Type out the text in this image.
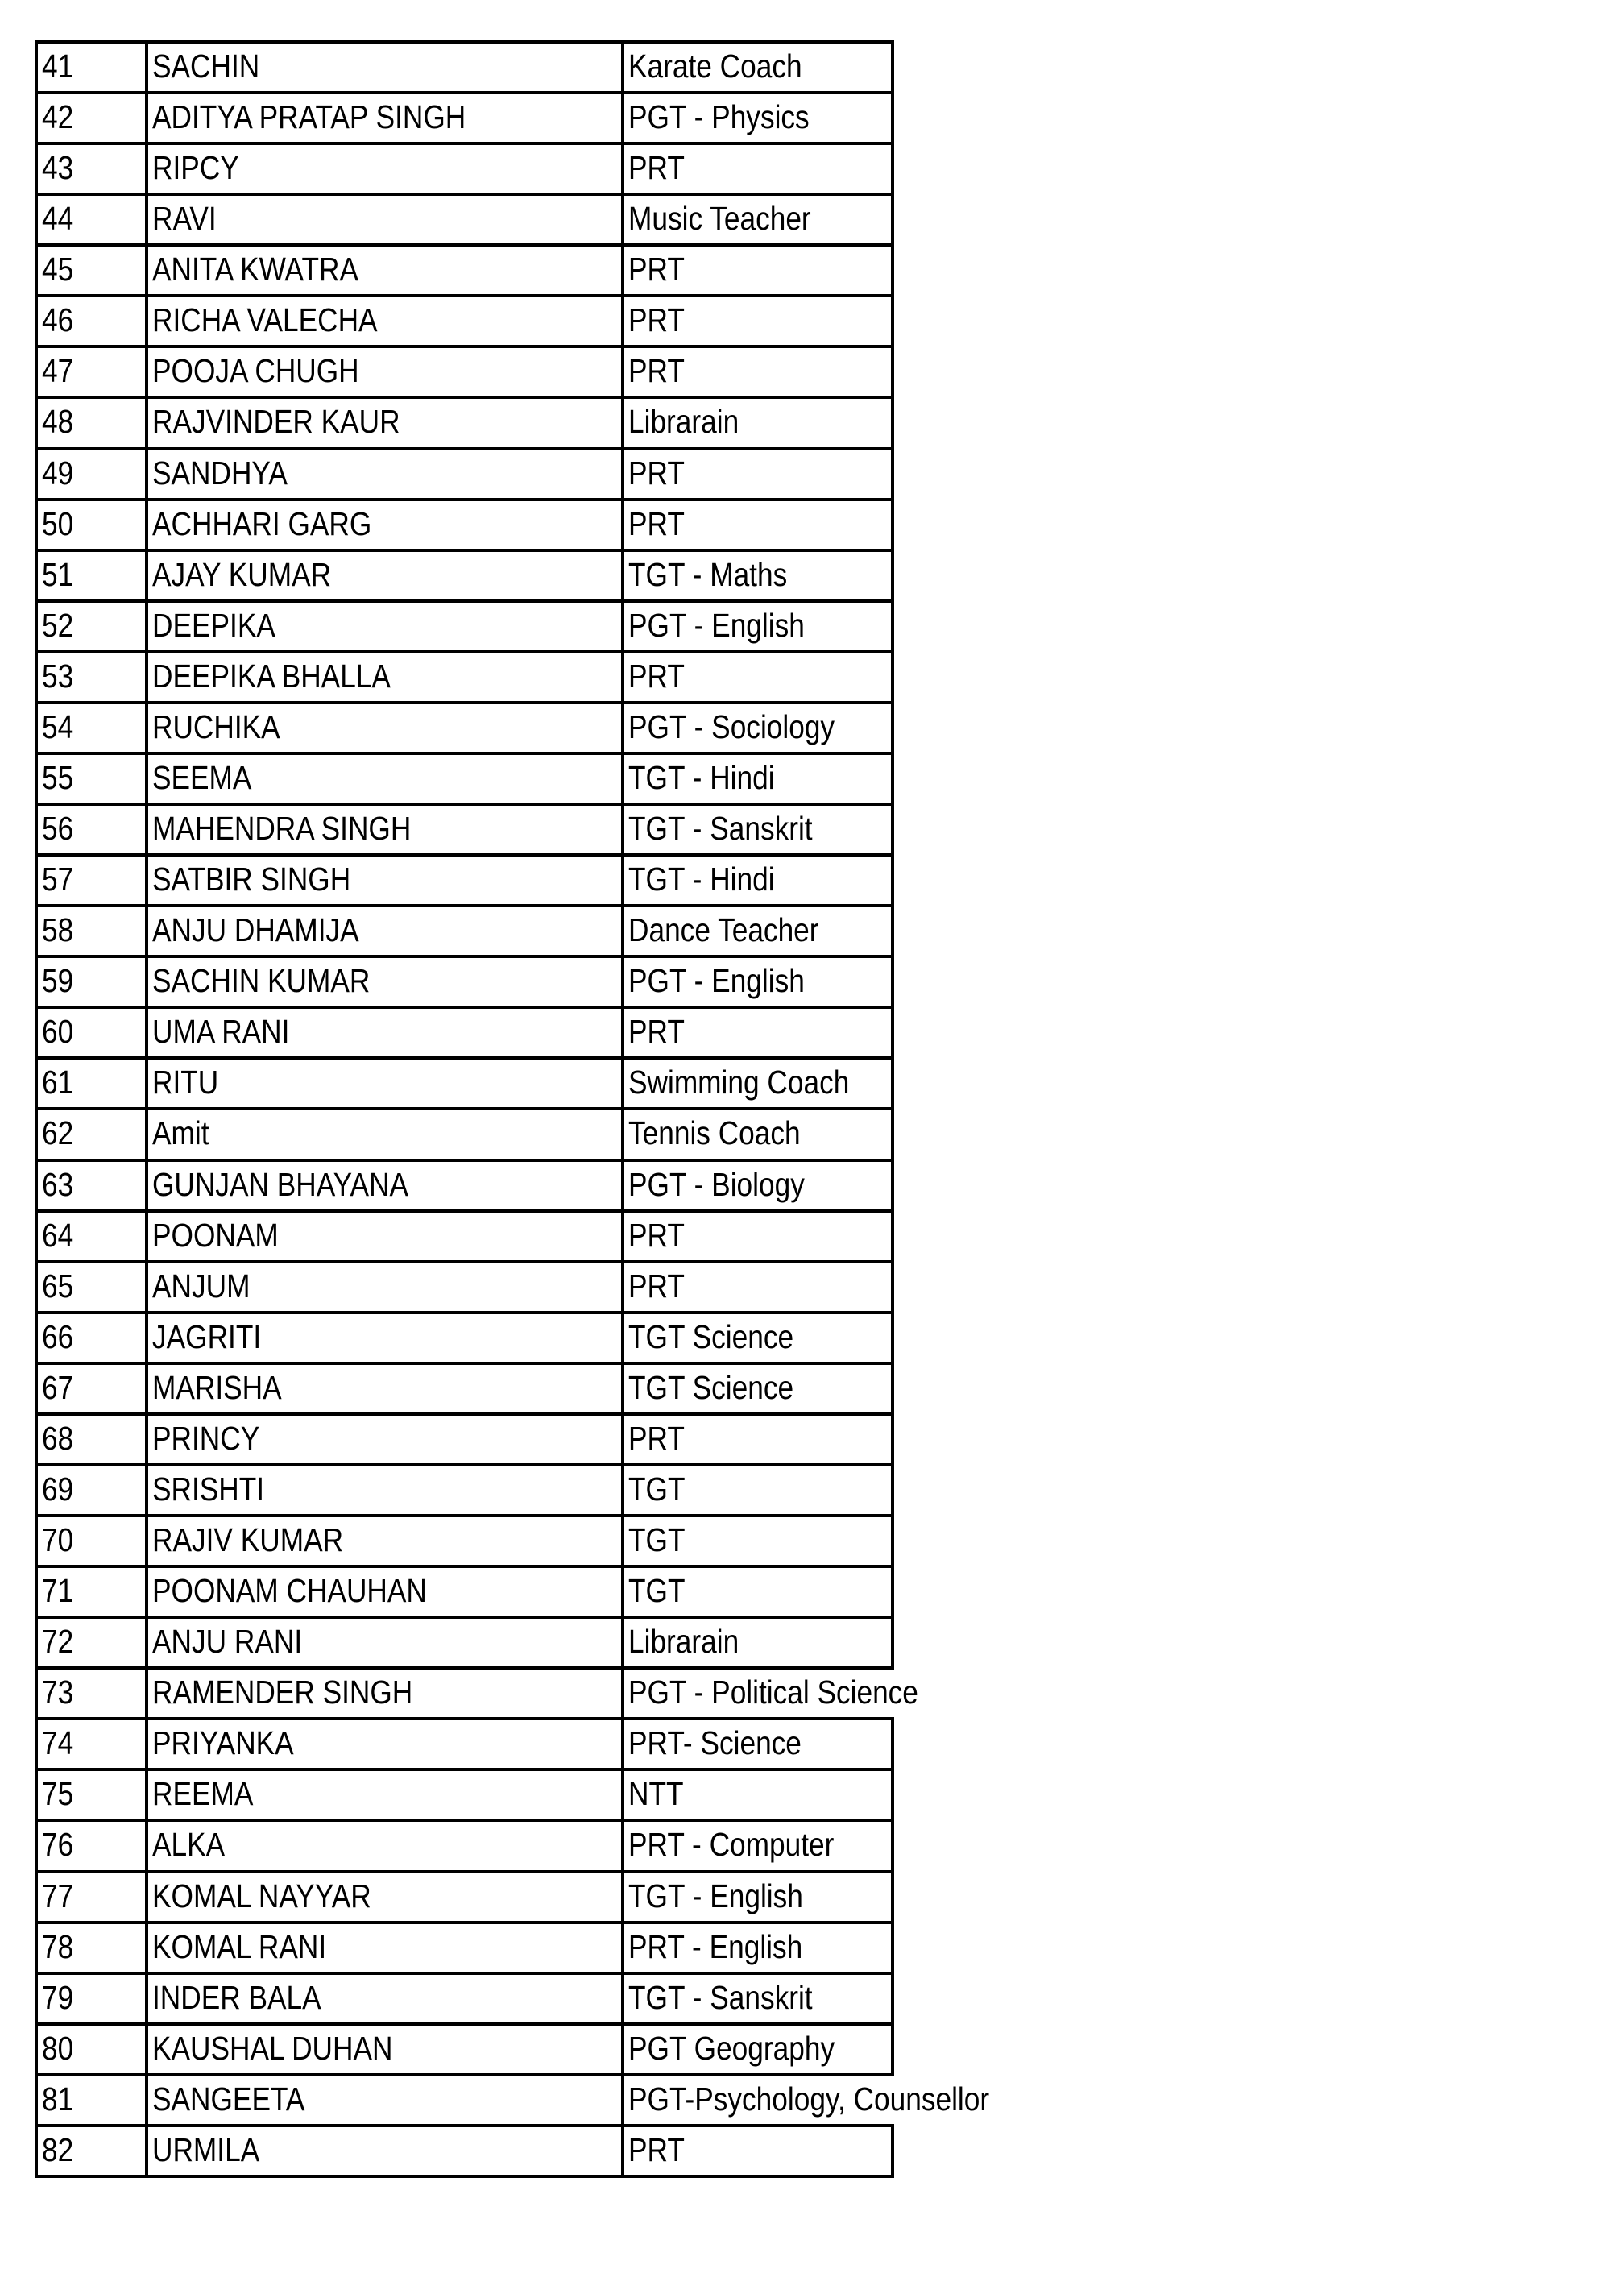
41 SACHIN	Karate Coach
42 ADITYA PRATAP SINGH	PGT - Physics
43 RIPCY	PRT
44 RAVI	Music Teacher
45 ANITA KWATRA	PRT
46 RICHA VALECHA	PRT
47 POOJA CHUGH	PRT
48 RAJVINDER KAUR	Librarain
49 SANDHYA	PRT
50 ACHHARI GARG	PRT
51 AJAY KUMAR	TGT - Maths
52 DEEPIKA	PGT - English
53 DEEPIKA BHALLA	PRT
54 RUCHIKA	PGT - Sociology
55 SEEMA	TGT - Hindi
56 MAHENDRA SINGH	TGT - Sanskrit
57 SATBIR SINGH	TGT - Hindi
58 ANJU DHAMIJA	Dance Teacher
59 SACHIN KUMAR	PGT - English
60 UMA RANI	PRT
61 RITU	Swimming Coach
62 Amit	Tennis Coach
63 GUNJAN BHAYANA	PGT - Biology
64 POONAM	PRT
65 ANJUM	PRT
66 JAGRITI	TGT Science
67 MARISHA	TGT Science
68 PRINCY	PRT
69 SRISHTI	TGT
70 RAJIV KUMAR	TGT
71 POONAM CHAUHAN	TGT
72 ANJU RANI	Librarain
73 RAMENDER SINGH	PGT - Political Science
74 PRIYANKA	PRT- Science
75 REEMA	NTT
76 ALKA	PRT - Computer
77 KOMAL NAYYAR	TGT - English
78 KOMAL RANI	PRT - English
79 INDER BALA	TGT - Sanskrit
80 KAUSHAL DUHAN	PGT Geography
81 SANGEETA	PGT-Psychology, Counsellor
82 URMILA	PRT
